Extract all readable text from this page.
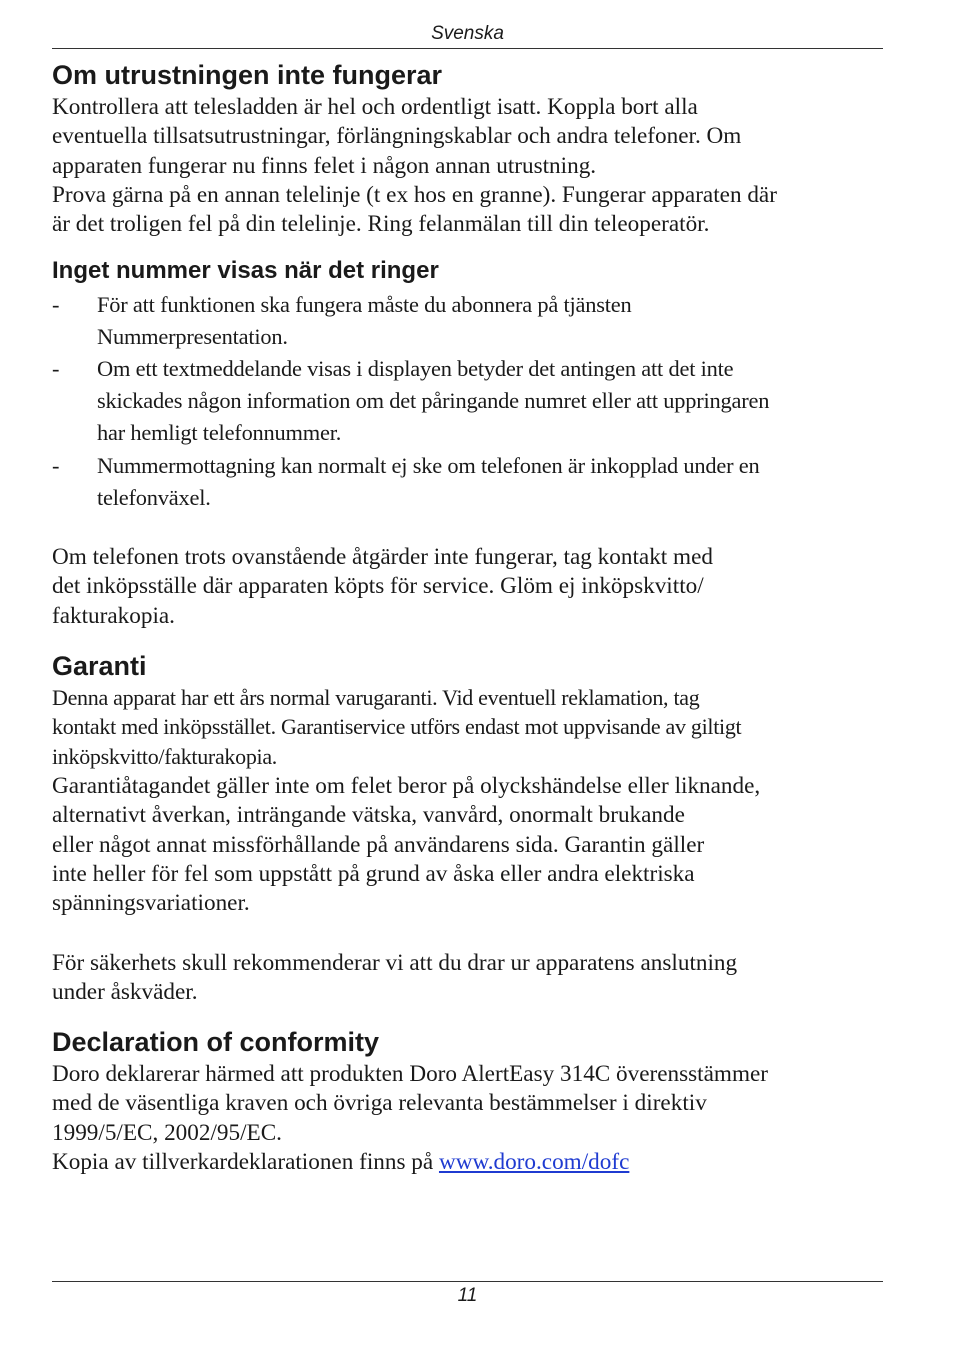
Svenska
Om utrustningen inte fungerar

Kontrollera att telesladden är hel och ordentligt isatt. Koppla bort alla
eventuella tillsatsutrustningar, förlängningskablar och andra telefoner. Om
apparaten fungerar nu finns felet i någon annan utrustning.

Prova gärna på en annan telelinje (t ex hos en granne). Fungerar apparaten där
är det troligen fel på din telelinje. Ring felanmälan till din teleoperatör.

Inget nummer visas när det ringer
-	För att funktionen ska fungera måste du abonnera på tjänsten
Nummerpresentation.
-	Om ett textmeddelande visas i displayen betyder det antingen att det inte
skickades någon information om det påringande numret eller att uppringaren
har hemligt telefonnummer.
-	Nummermottagning kan normalt ej ske om telefonen är inkopplad under en
telefonväxel.

Om telefonen trots ovanstående åtgärder inte fungerar, tag kontakt med
det inköpsställe där apparaten köpts för service. Glöm ej inköpskvitto/
fakturakopia.

Garanti

Denna apparat har ett års normal varugaranti. Vid eventuell reklamation, tag
kontakt med inköpsstället. Garantiservice utförs endast mot uppvisande av giltigt
inköpskvitto/fakturakopia.

Garantiåtagandet gäller inte om felet beror på olyckshändelse eller liknande,
alternativt åverkan, inträngande vätska, vanvård, onormalt brukande
eller något annat missförhållande på användarens sida. Garantin gäller
inte heller för fel som uppstått på grund av åska eller andra elektriska
spänningsvariationer.

För säkerhets skull rekommenderar vi att du drar ur apparatens anslutning
under åskväder.

Declaration of conformity

Doro deklarerar härmed att produkten Doro AlertEasy 314C överensstämmer
med de väsentliga kraven och övriga relevanta bestämmelser i direktiv
1999/5/EC, 2002/95/EC.

Kopia av tillverkardeklarationen finns på www.doro.com/dofc

11
